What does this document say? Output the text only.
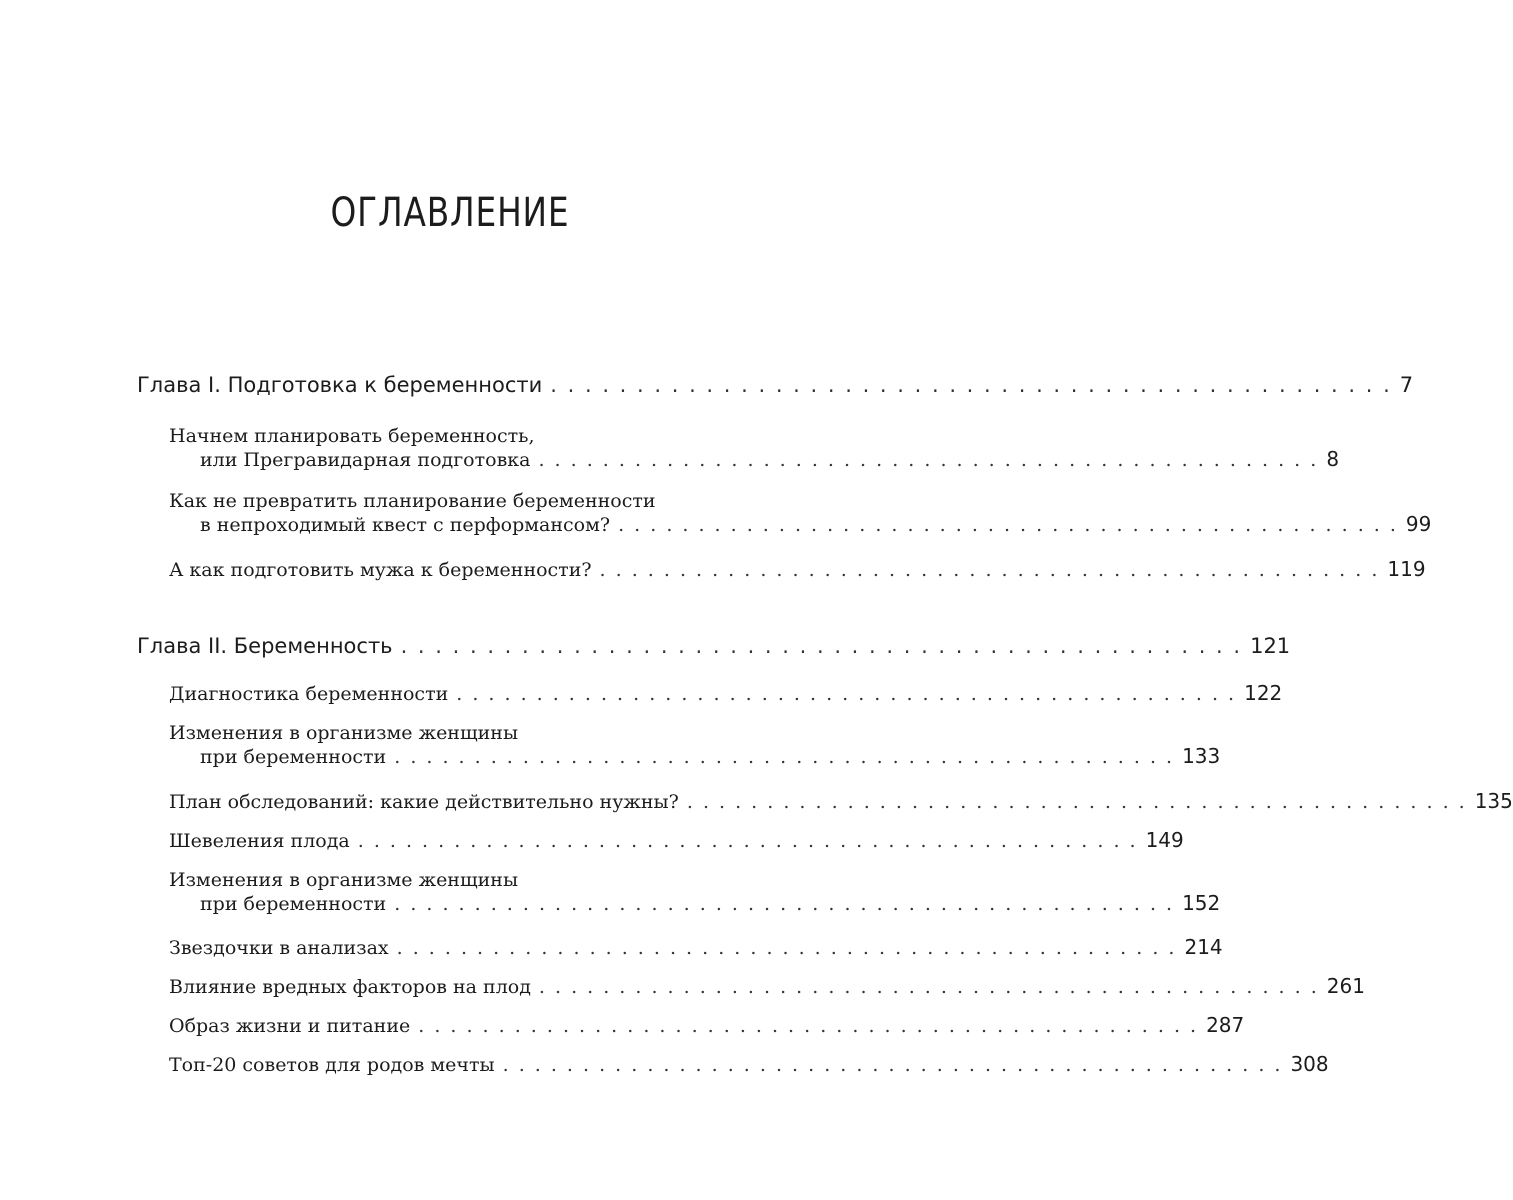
ОГЛАВЛЕНИЕ
Глава I. Подготовка к беременности . . . . . . . . . . . . . . . . . . . . . . . . . . . . . . . . . . . . . . . . . . . . . . . . . 7
Начнем планировать беременность,
или Прегравидарная подготовка . . . . . . . . . . . . . . . . . . . . . . . . . . . . . . . . . . . . . . . . . . . . . . . . . 8
Как не превратить планирование беременности
в непроходимый квест с перформансом? . . . . . . . . . . . . . . . . . . . . . . . . . . . . . . . . . . . . . . . . . . . . . . . . . 99
А как подготовить мужа к беременности? . . . . . . . . . . . . . . . . . . . . . . . . . . . . . . . . . . . . . . . . . . . . . . . . . 119
Глава II. Беременность . . . . . . . . . . . . . . . . . . . . . . . . . . . . . . . . . . . . . . . . . . . . . . . . . 121
Диагностика беременности . . . . . . . . . . . . . . . . . . . . . . . . . . . . . . . . . . . . . . . . . . . . . . . . . 122
Изменения в организме женщины
при беременности . . . . . . . . . . . . . . . . . . . . . . . . . . . . . . . . . . . . . . . . . . . . . . . . . 133
План обследований: какие действительно нужны? . . . . . . . . . . . . . . . . . . . . . . . . . . . . . . . . . . . . . . . . . . . . . . . . . 135
Шевеления плода . . . . . . . . . . . . . . . . . . . . . . . . . . . . . . . . . . . . . . . . . . . . . . . . . 149
Изменения в организме женщины
при беременности . . . . . . . . . . . . . . . . . . . . . . . . . . . . . . . . . . . . . . . . . . . . . . . . . 152
Звездочки в анализах . . . . . . . . . . . . . . . . . . . . . . . . . . . . . . . . . . . . . . . . . . . . . . . . . 214
Влияние вредных факторов на плод . . . . . . . . . . . . . . . . . . . . . . . . . . . . . . . . . . . . . . . . . . . . . . . . . 261
Образ жизни и питание . . . . . . . . . . . . . . . . . . . . . . . . . . . . . . . . . . . . . . . . . . . . . . . . . 287
Топ-20 советов для родов мечты . . . . . . . . . . . . . . . . . . . . . . . . . . . . . . . . . . . . . . . . . . . . . . . . . 308
